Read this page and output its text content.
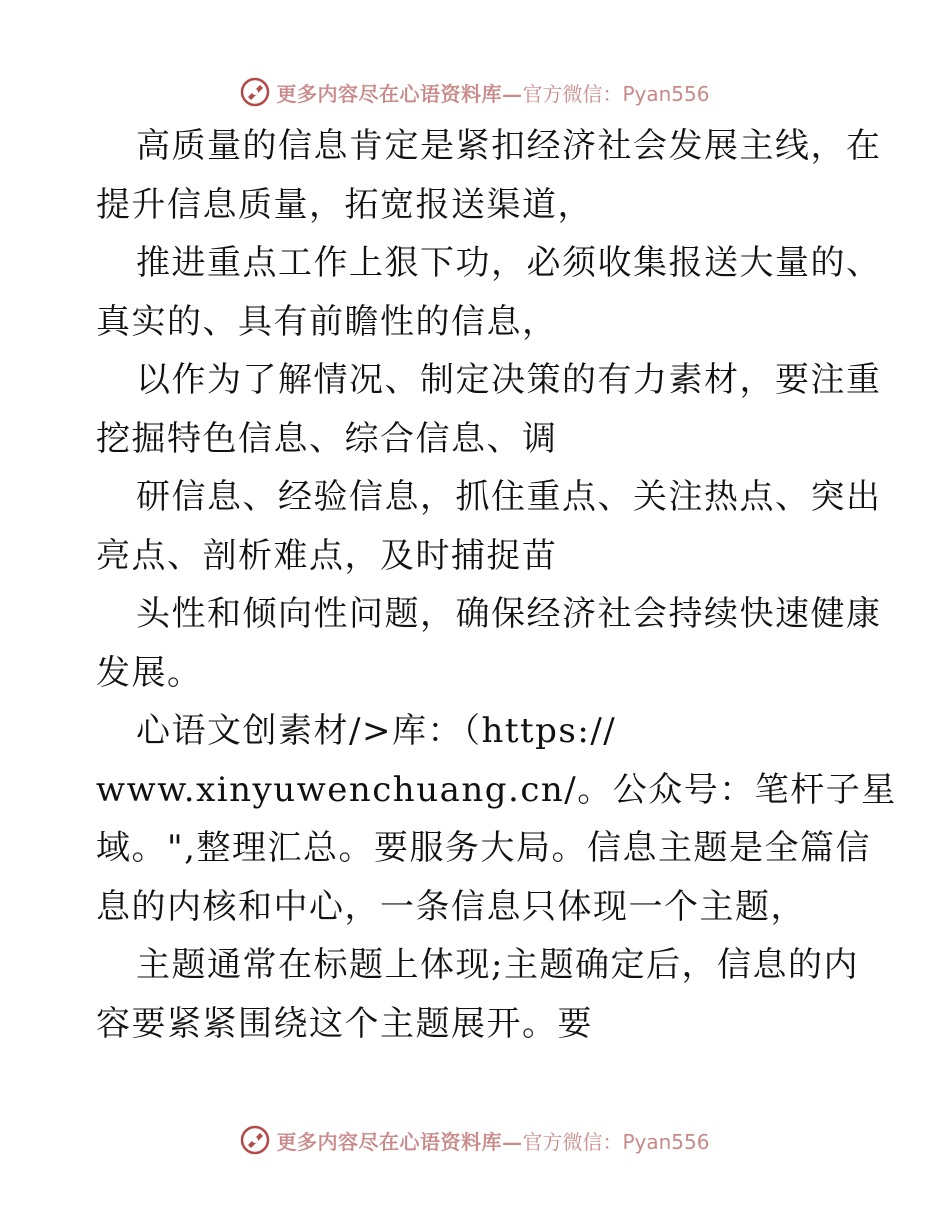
更多内容尽在心语资料库— 官方微信：Pyan556
高质量的信息肯定是紧扣经济社会发展主线，在
提升信息质量，拓宽报送渠道，
推进重点工作上狠下功，必须收集报送大量的、
真实的、具有前瞻性的信息，
以作为了解情况、制定决策的有力素材，要注重
挖掘特色信息、综合信息、调
研信息、经验信息，抓住重点、关注热点、突出
亮点、剖析难点，及时捕捉苗
头性和倾向性问题，确保经济社会持续快速健康
发展。
心语文创素材/>库：（https://
www.xinyuwenchuang.cn/。公众号：笔杆子星
域。",整理汇总。要服务大局。信息主题是全篇信
息的内核和中心，一条信息只体现一个主题，
主题通常在标题上体现;主题确定后，信息的内
容要紧紧围绕这个主题展开。要
更多内容尽在心语资料库— 官方微信：Pyan556
